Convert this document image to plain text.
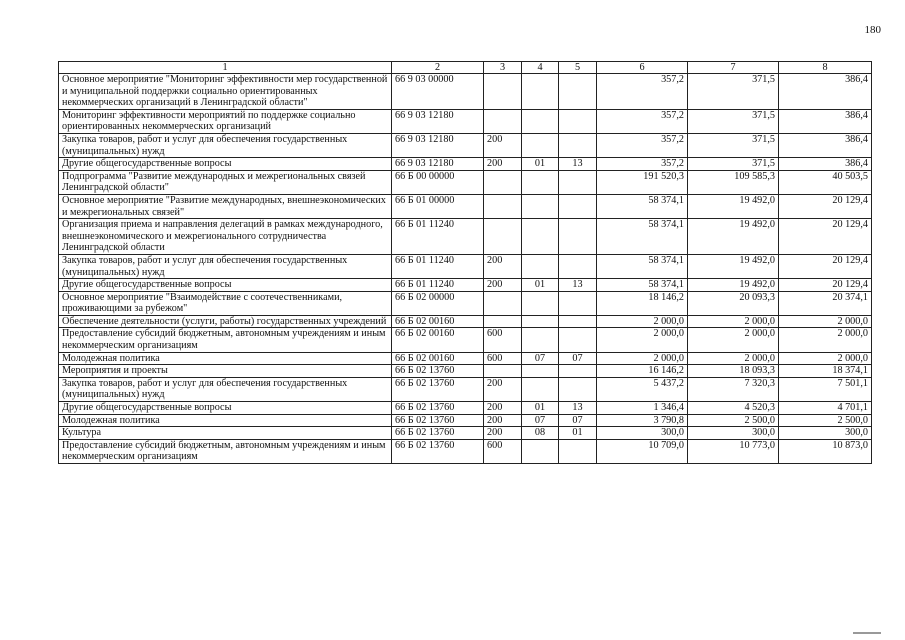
180
1	2	3	4	5	6	7	8
Основное мероприятие "Мониторинг эффективности мер государственной и муниципальной поддержки социально ориентированных некоммерческих организаций в Ленинградской области"	66 9 03 00000				357,2	371,5	386,4
Мониторинг эффективности мероприятий по поддержке социально ориентированных некоммерческих организаций	66 9 03 12180				357,2	371,5	386,4
Закупка товаров, работ и услуг для обеспечения государственных (муниципальных) нужд	66 9 03 12180	200			357,2	371,5	386,4
Другие общегосударственные вопросы	66 9 03 12180	200	01	13	357,2	371,5	386,4
Подпрограмма "Развитие международных и межрегиональных связей Ленинградской области"	66 Б 00 00000				191 520,3	109 585,3	40 503,5
Основное мероприятие "Развитие международных, внешнеэкономических и межрегиональных связей"	66 Б 01 00000				58 374,1	19 492,0	20 129,4
Организация приема и направления делегаций в рамках международного, внешнеэкономического и межрегионального сотрудничества Ленинградской области	66 Б 01 11240				58 374,1	19 492,0	20 129,4
Закупка товаров, работ и услуг для обеспечения государственных (муниципальных) нужд	66 Б 01 11240	200			58 374,1	19 492,0	20 129,4
Другие общегосударственные вопросы	66 Б 01 11240	200	01	13	58 374,1	19 492,0	20 129,4
Основное мероприятие "Взаимодействие с соотечественниками, проживающими за рубежом"	66 Б 02 00000				18 146,2	20 093,3	20 374,1
Обеспечение деятельности (услуги, работы) государственных учреждений	66 Б 02 00160				2 000,0	2 000,0	2 000,0
Предоставление субсидий бюджетным, автономным учреждениям и иным некоммерческим организациям	66 Б 02 00160	600			2 000,0	2 000,0	2 000,0
Молодежная политика	66 Б 02 00160	600	07	07	2 000,0	2 000,0	2 000,0
Мероприятия и проекты	66 Б 02 13760				16 146,2	18 093,3	18 374,1
Закупка товаров, работ и услуг для обеспечения государственных (муниципальных) нужд	66 Б 02 13760	200			5 437,2	7 320,3	7 501,1
Другие общегосударственные вопросы	66 Б 02 13760	200	01	13	1 346,4	4 520,3	4 701,1
Молодежная политика	66 Б 02 13760	200	07	07	3 790,8	2 500,0	2 500,0
Культура	66 Б 02 13760	200	08	01	300,0	300,0	300,0
Предоставление субсидий бюджетным, автономным учреждениям и иным некоммерческим организациям	66 Б 02 13760	600			10 709,0	10 773,0	10 873,0
